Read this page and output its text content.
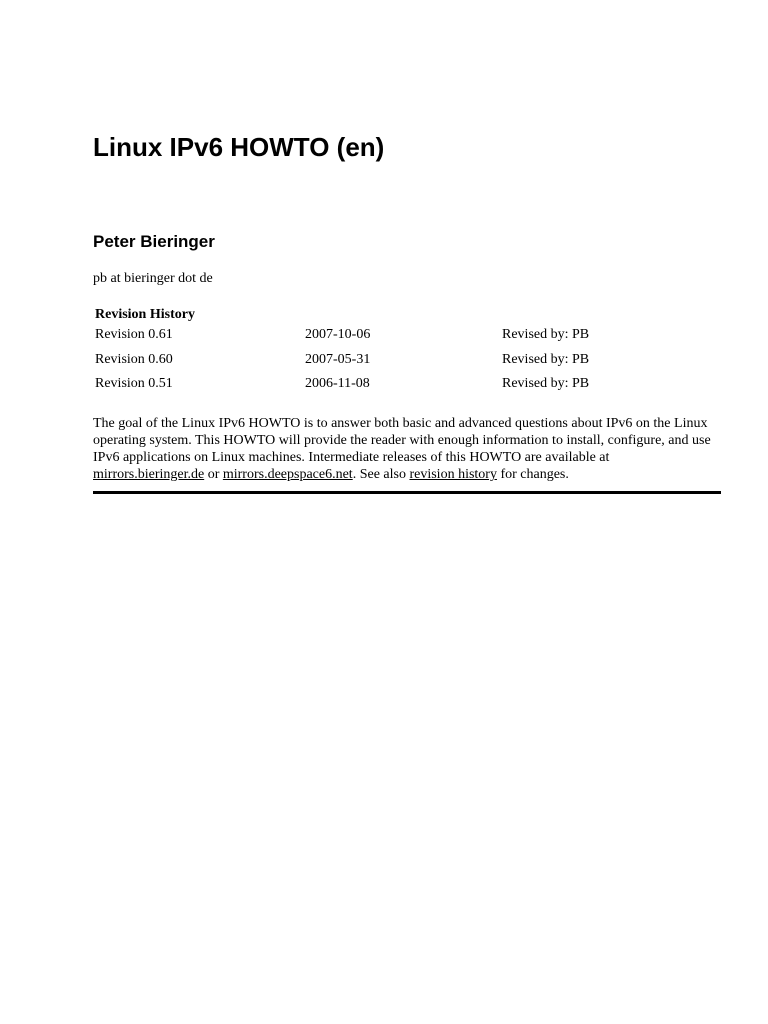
Linux IPv6 HOWTO (en)
Peter Bieringer

pb at bieringer dot de

Revision History
Revision 0.61	2007-10-06	Revised by: PB
Revision 0.60	2007-05-31	Revised by: PB
Revision 0.51	2006-11-08	Revised by: PB

The goal of the Linux IPv6 HOWTO is to answer both basic and advanced questions about IPv6 on the Linux operating system. This HOWTO will provide the reader with enough information to install, configure, and use IPv6 applications on Linux machines. Intermediate releases of this HOWTO are available at mirrors.bieringer.de or mirrors.deepspace6.net. See also revision history for changes.
